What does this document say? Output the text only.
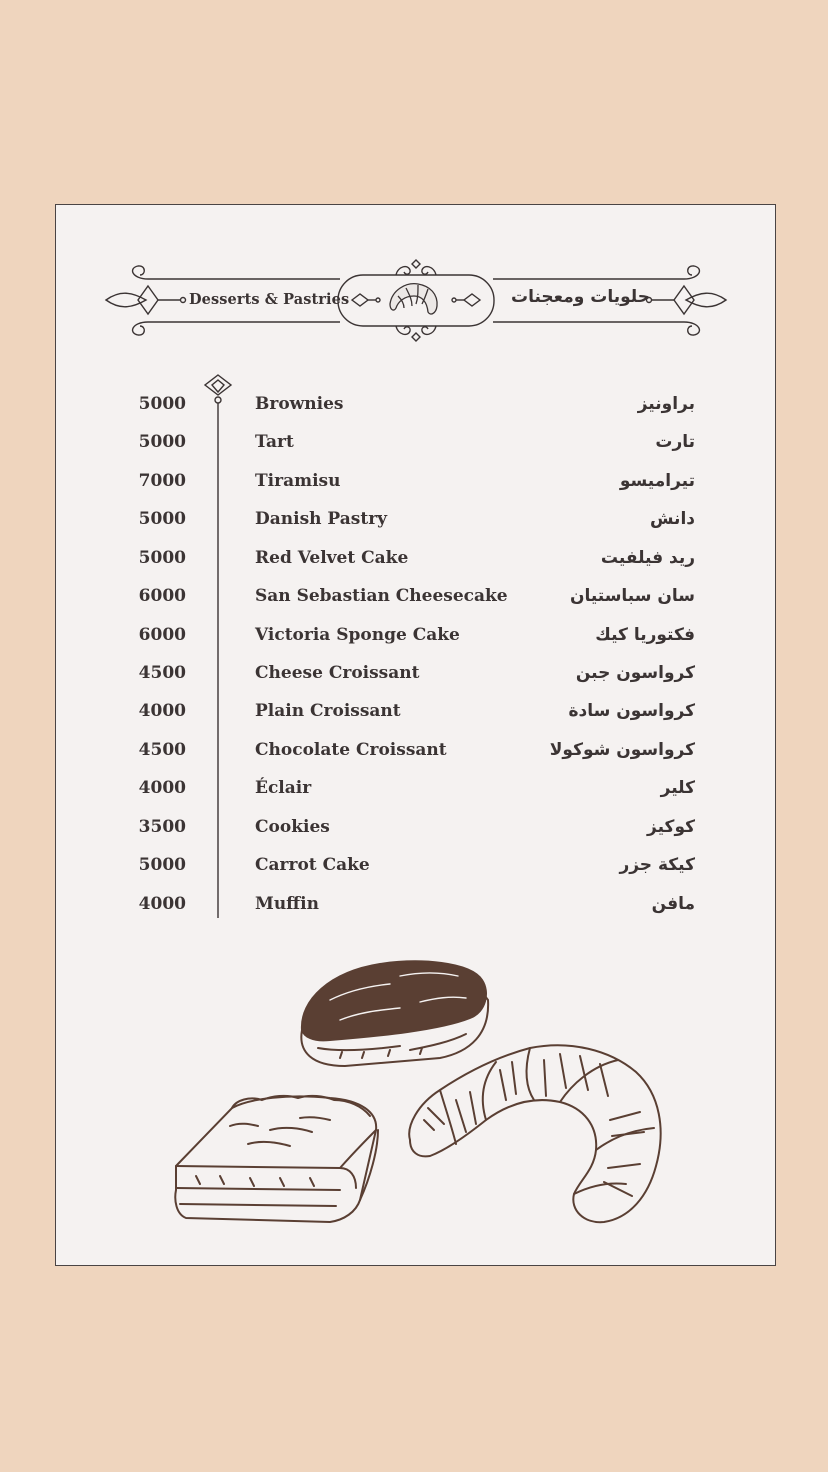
Desserts & Pastries	حلويات ومعجنات
5000	Brownies	براونيز
5000	Tart	تارت
7000	Tiramisu	تيراميسو
5000	Danish Pastry	دانش
5000	Red Velvet Cake	ريد فيلفيت
6000	San Sebastian Cheesecake	سان سباستيان
6000	Victoria Sponge Cake	فكتوريا كيك
4500	Cheese Croissant	كرواسون جبن
4000	Plain Croissant	كرواسون سادة
4500	Chocolate Croissant	كرواسون شوكولا
4000	Éclair	كلير
3500	Cookies	كوكيز
5000	Carrot Cake	كيكة جزر
4000	Muffin	مافن
